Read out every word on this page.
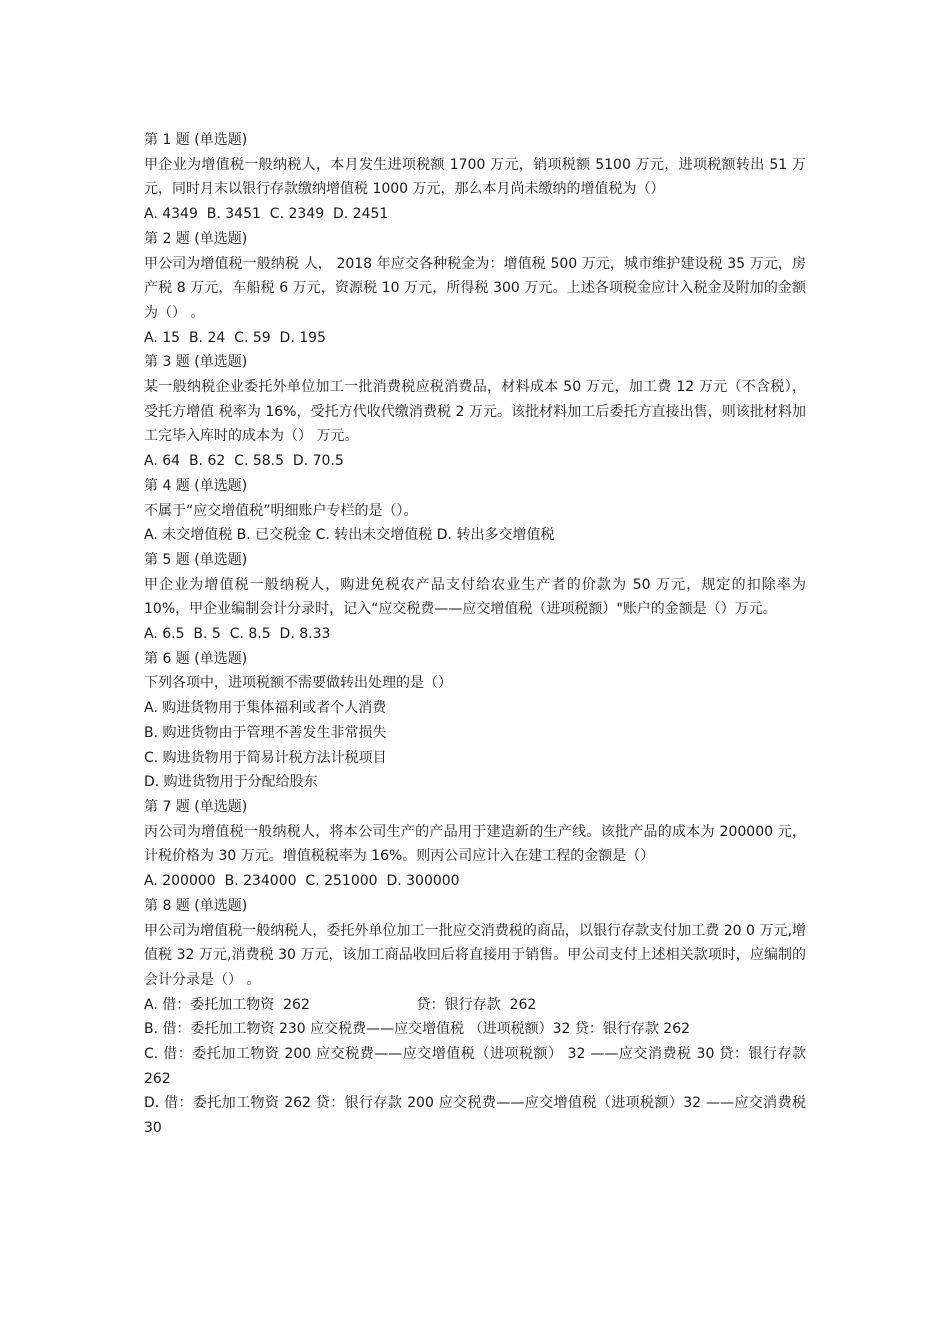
第 1 题 (单选题)

甲企业为增值税一般纳税人，本月发生进项税额 1700 万元，销项税额 5100 万元，进项税额转出 51 万元，同时月末以银行存款缴纳增值税 1000 万元，那么本月尚未缴纳的增值税为（）

A. 4349  B. 3451  C. 2349  D. 2451

第 2 题 (单选题)

甲公司为增值税一般纳税 人， 2018 年应交各种税金为：增值税 500 万元，城市维护建设税 35 万元，房产税 8 万元，车船税 6 万元，资源税 10 万元，所得税 300 万元。上述各项税金应计入税金及附加的金额为（） 。

A. 15  B. 24  C. 59  D. 195

第 3 题 (单选题)

某一般纳税企业委托外单位加工一批消费税应税消费品，材料成本 50 万元，加工费 12 万元（不含税），受托方增值 税率为 16%，受托方代收代缴消费税 2 万元。该批材料加工后委托方直接出售，则该批材料加工完毕入库时的成本为（） 万元。

A. 64  B. 62  C. 58.5  D. 70.5

第 4 题 (单选题)

不属于“应交增值税”明细账户专栏的是（）。

A. 未交增值税 B. 已交税金 C. 转出未交增值税 D. 转出多交增值税

第 5 题 (单选题)

甲企业为增值税一般纳税人，购进免税农产品支付给农业生产者的价款为 50 万元，规定的扣除率为 10%，甲企业编制会计分录时，记入“应交税费——应交增值税（进项税额）"账户的金额是（）万元。

A. 6.5  B. 5  C. 8.5  D. 8.33

第 6 题 (单选题)

下列各项中，进项税额不需要做转出处理的是（）

A. 购进货物用于集体福利或者个人消费

B. 购进货物由于管理不善发生非常损失

C. 购进货物用于简易计税方法计税项目

D. 购进货物用于分配给股东

第 7 题 (单选题)

丙公司为增值税一般纳税人，将本公司生产的产品用于建造新的生产线。该批产品的成本为 200000 元，计税价格为 30 万元。增值税税率为 16%。则丙公司应计入在建工程的金额是（）

A. 200000  B. 234000  C. 251000  D. 300000

第 8 题 (单选题)

甲公司为增值税一般纳税人，委托外单位加工一批应交消费税的商品，以银行存款支付加工费 20 0 万元,增值税 32 万元,消费税 30 万元，该加工商品收回后将直接用于销售。甲公司支付上述相关款项时，应编制的会计分录是（） 。

A. 借：委托加工物资  262                        贷：银行存款  262

B. 借：委托加工物资 230 应交税费——应交增值税 （进项税额）32 贷：银行存款 262

C. 借：委托加工物资 200 应交税费——应交增值税（进项税额） 32 ——应交消费税 30 贷：银行存款 262

D. 借：委托加工物资 262 贷：银行存款 200 应交税费——应交增值税（进项税额）32 ——应交消费税 30
